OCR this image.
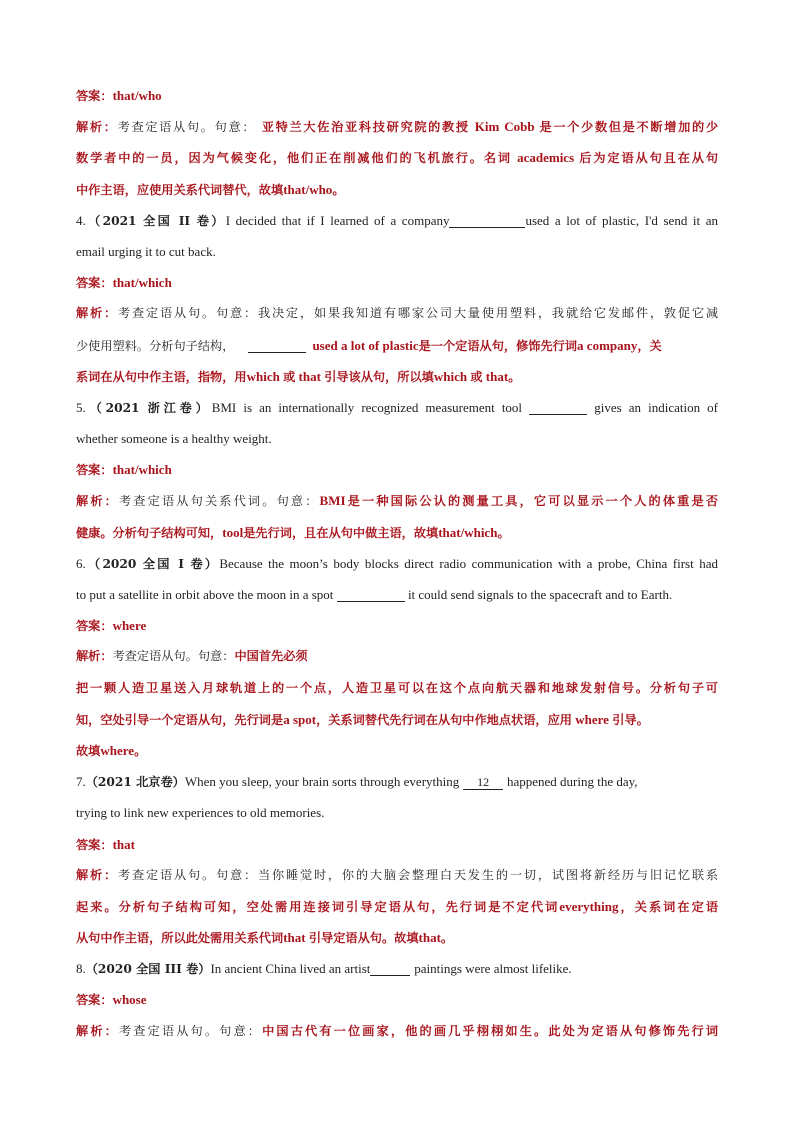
答案：that/who
解析：考查定语从句。句意： 亚特兰大佐治亚科技研究院的教授 Kim Cobb 是一个少数但是不断增加的少
数学者中的一员，因为气候变化，他们正在削减他们的飞机旅行。名词 academics 后为定语从句且在从句
中作主语，应使用关系代词替代，故填that/who。
4.（2021 全国 II 卷）I decided that if I learned of a company	used a lot of plastic, I'd send it an
email urging it to cut back.
答案：that/which
解析：考查定语从句。句意：我决定，如果我知道有哪家公司大量使用塑料，我就给它发邮件，敦促它减
少使用塑料。分析句子结构，	used a lot of plastic是一个定语从句，修饰先行词a company，关
系词在从句中作主语，指物，用which 或 that 引导该从句，所以填which 或 that。
5.（2021 浙江卷）BMI is an internationally recognized measurement tool	gives an indication of
whether someone is a healthy weight.
答案：that/which
解析：考查定语从句关系代词。句意：BMI是一种国际公认的测量工具，它可以显示一个人的体重是否
健康。分析句子结构可知，tool是先行词，且在从句中做主语，故填that/which。
6.（2020 全国 I 卷）Because the moon’s body blocks direct radio communication with a probe, China first had
to put a satellite in orbit above the moon in a spot	it could send signals to the spacecraft and to Earth.
答案：where
解析：考查定语从句。句意：中国首先必须
把一颗人造卫星送入月球轨道上的一个点，人造卫星可以在这个点向航天器和地球发射信号。分析句子可
知，空处引导一个定语从句，先行词是a spot，关系词替代先行词在从句中作地点状语，应用 where 引导。
故填where。
7.（2021 北京卷）When you sleep, your brain sorts through everything 12 happened during the day,
trying to link new experiences to old memories.
答案：that
解析：考查定语从句。句意：当你睡觉时，你的大脑会整理白天发生的一切，试图将新经历与旧记忆联系
起来。分析句子结构可知，空处需用连接词引导定语从句，先行词是不定代词everything，关系词在定语
从句中作主语，所以此处需用关系代词that 引导定语从句。故填that。
8.（2020 全国 III 卷）In ancient China lived an artist	paintings were almost lifelike.
答案：whose
解析：考查定语从句。句意：中国古代有一位画家，他的画几乎栩栩如生。此处为定语从句修饰先行词
